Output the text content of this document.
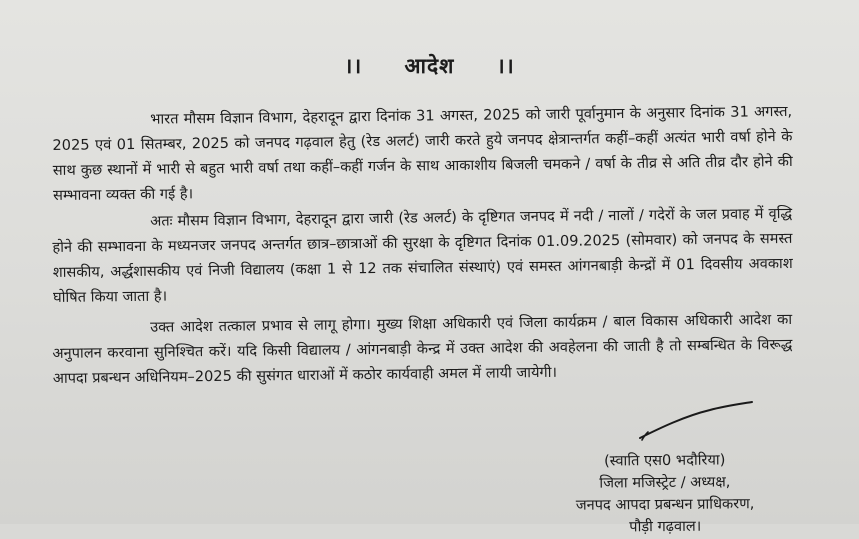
।। आदेश ।।
भारत मौसम विज्ञान विभाग, देहरादून द्वारा दिनांक 31 अगस्त, 2025 को जारी पूर्वानुमान के अनुसार दिनांक 31 अगस्त, 2025 एवं 01 सितम्बर, 2025 को जनपद गढ़वाल हेतु (रेड अलर्ट) जारी करते हुये जनपद क्षेत्रान्तर्गत कहीं–कहीं अत्यंत भारी वर्षा होने के साथ कुछ स्थानों में भारी से बहुत भारी वर्षा तथा कहीं–कहीं गर्जन के साथ आकाशीय बिजली चमकने / वर्षा के तीव्र से अति तीव्र दौर होने की सम्भावना व्यक्त की गई है।
अतः मौसम विज्ञान विभाग, देहरादून द्वारा जारी (रेड अलर्ट) के दृष्टिगत जनपद में नदी / नालों / गदेरों के जल प्रवाह में वृद्धि होने की सम्भावना के मध्यनजर जनपद अन्तर्गत छात्र–छात्राओं की सुरक्षा के दृष्टिगत दिनांक 01.09.2025 (सोमवार) को जनपद के समस्त शासकीय, अर्द्धशासकीय एवं निजी विद्यालय (कक्षा 1 से 12 तक संचालित संस्थाएं) एवं समस्त आंगनबाड़ी केन्द्रों में 01 दिवसीय अवकाश घोषित किया जाता है।
उक्त आदेश तत्काल प्रभाव से लागू होगा। मुख्य शिक्षा अधिकारी एवं जिला कार्यक्रम / बाल विकास अधिकारी आदेश का अनुपालन करवाना सुनिश्चित करें। यदि किसी विद्यालय / आंगनबाड़ी केन्द्र में उक्त आदेश की अवहेलना की जाती है तो सम्बन्धित के विरूद्ध आपदा प्रबन्धन अधिनियम–2025 की सुसंगत धाराओं में कठोर कार्यवाही अमल में लायी जायेगी।
(स्वाति एस0 भदौरिया)
जिला मजिस्ट्रेट / अध्यक्ष,
जनपद आपदा प्रबन्धन प्राधिकरण,
पौड़ी गढ़वाल।
